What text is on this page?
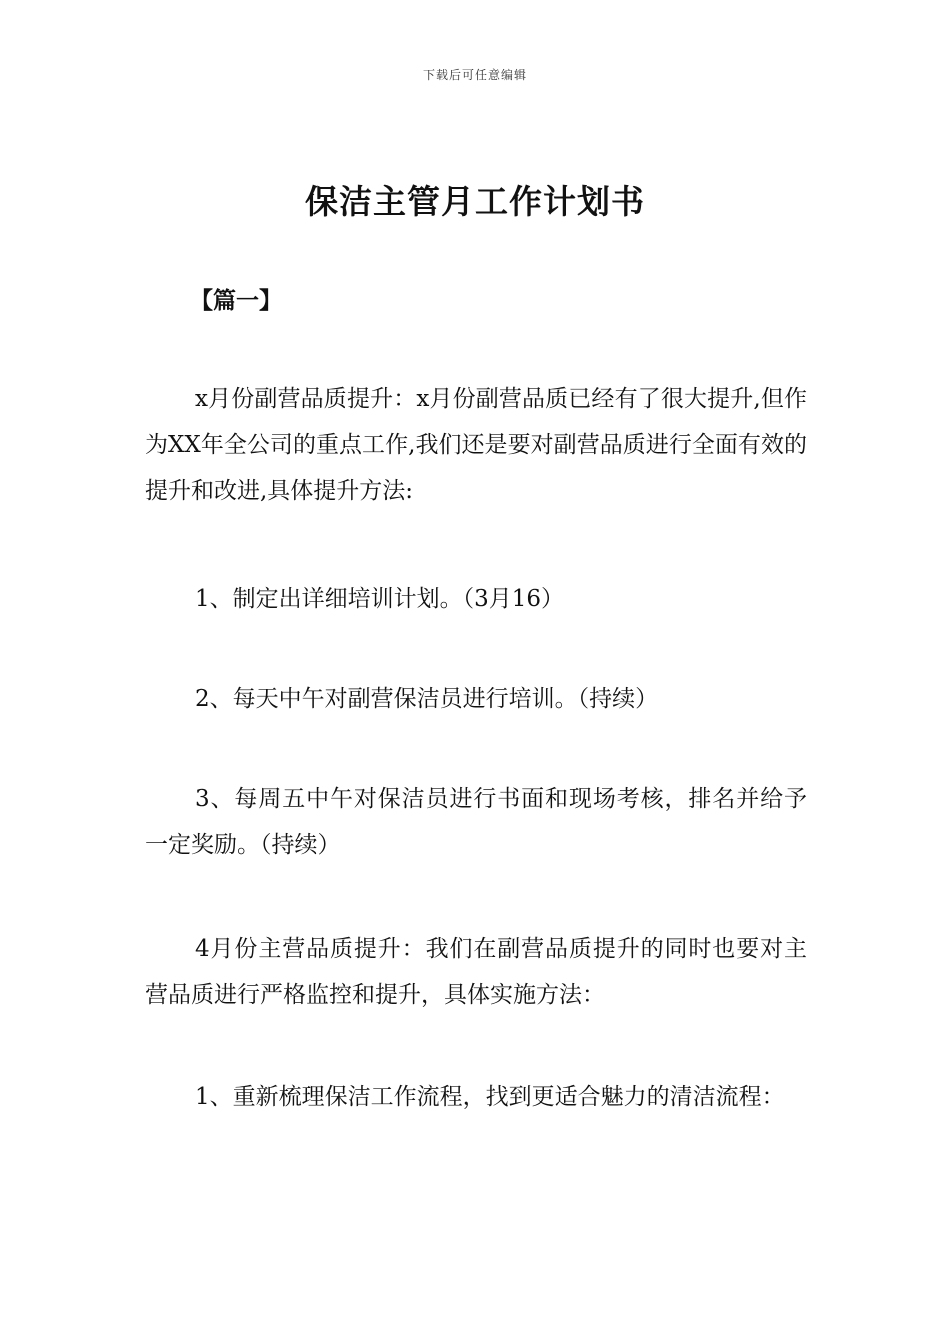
下载后可任意编辑
保洁主管月工作计划书
【篇一】

x月份副营品质提升：x月份副营品质已经有了很大提升,但作为XX年全公司的重点工作,我们还是要对副营品质进行全面有效的提升和改进,具体提升方法:

1、制定出详细培训计划。（3月16）

2、每天中午对副营保洁员进行培训。（持续）

3、每周五中午对保洁员进行书面和现场考核，排名并给予一定奖励。（持续）

4月份主营品质提升：我们在副营品质提升的同时也要对主营品质进行严格监控和提升，具体实施方法：

1、重新梳理保洁工作流程，找到更适合魅力的清洁流程：
